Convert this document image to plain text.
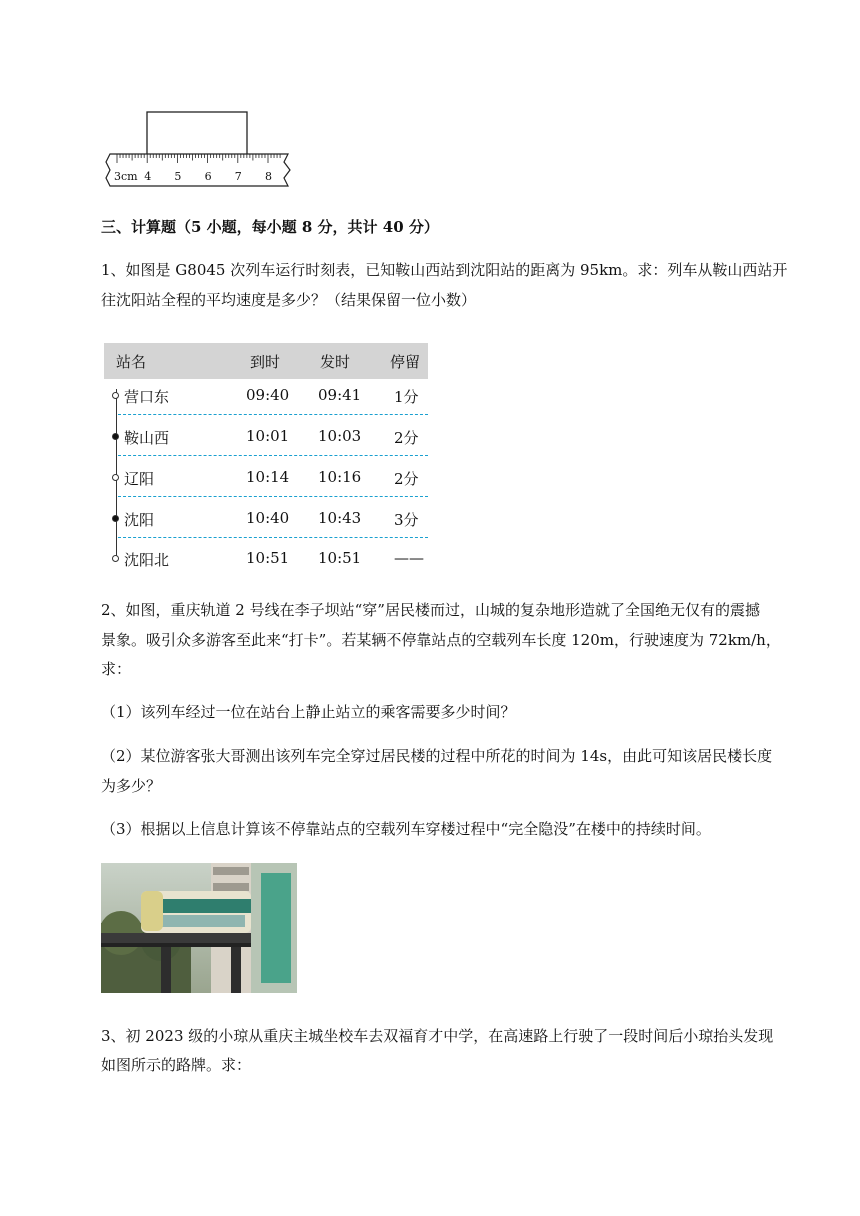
3cm 4 5 6 7 8
三、计算题（5 小题，每小题 8 分，共计 40 分）
1、如图是 G8045 次列车运行时刻表，已知鞍山西站到沈阳站的距离为 95km。求：列车从鞍山西站开
往沈阳站全程的平均速度是多少？（结果保留一位小数）
站名	到时	发时	停留
营口东	09:40 09:41 1分
鞍山西	10:01 10:03 2分
辽阳	10:14 10:16 2分
沈阳	10:40 10:43 3分
沈阳北	10:51 10:51 ——
2、如图，重庆轨道 2 号线在李子坝站“穿”居民楼而过，山城的复杂地形造就了全国绝无仅有的震撼
景象。吸引众多游客至此来“打卡”。若某辆不停靠站点的空载列车长度 120m，行驶速度为 72km/h，
求：
（1）该列车经过一位在站台上静止站立的乘客需要多少时间？
（2）某位游客张大哥测出该列车完全穿过居民楼的过程中所花的时间为 14s，由此可知该居民楼长度
为多少？
（3）根据以上信息计算该不停靠站点的空载列车穿楼过程中“完全隐没”在楼中的持续时间。
3、初 2023 级的小琼从重庆主城坐校车去双福育才中学，在高速路上行驶了一段时间后小琼抬头发现
如图所示的路牌。求：
